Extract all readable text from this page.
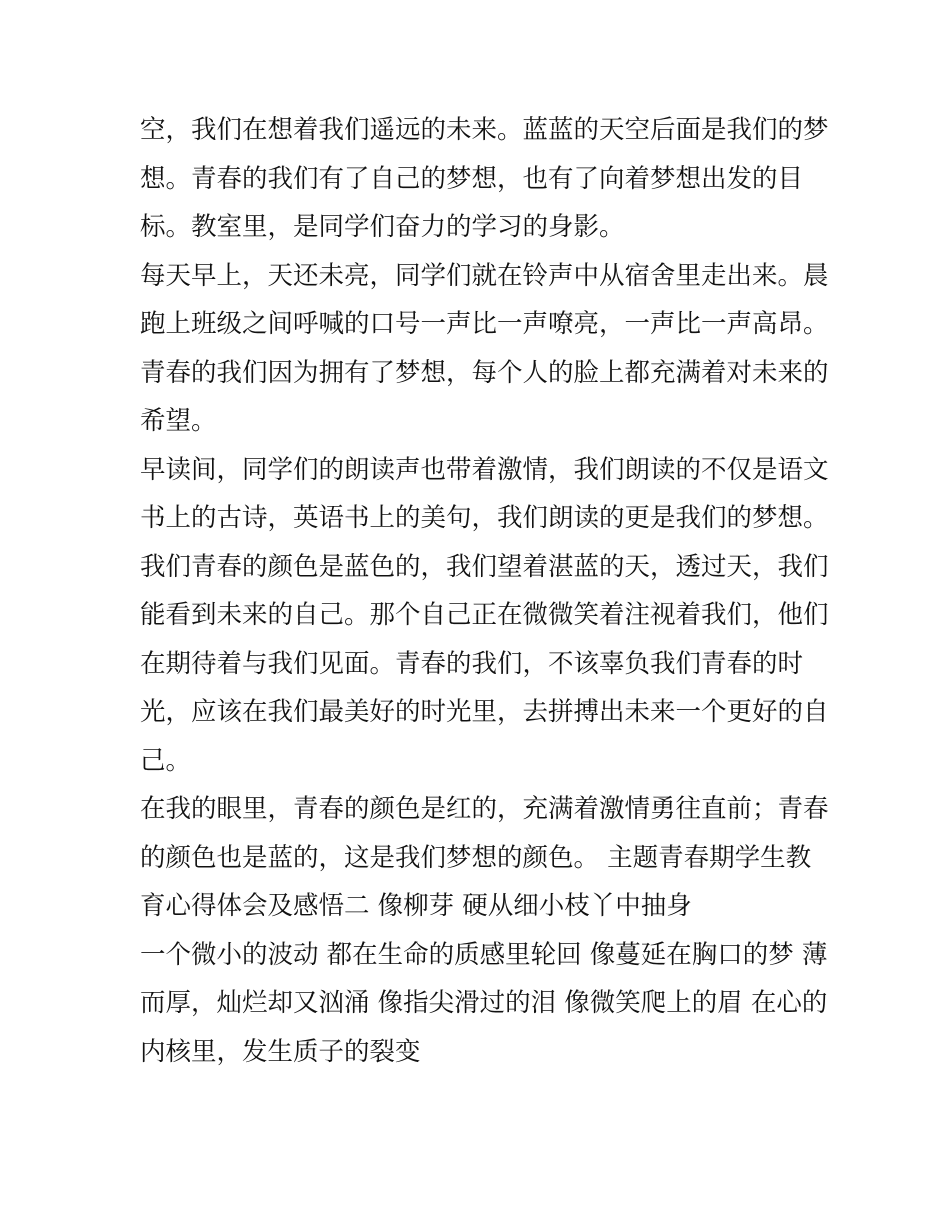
空，我们在想着我们遥远的未来。蓝蓝的天空后面是我们的梦
想。青春的我们有了自己的梦想，也有了向着梦想出发的目
标。教室里，是同学们奋力的学习的身影。
每天早上，天还未亮，同学们就在铃声中从宿舍里走出来。晨
跑上班级之间呼喊的口号一声比一声嘹亮，一声比一声高昂。
青春的我们因为拥有了梦想，每个人的脸上都充满着对未来的
希望。
早读间，同学们的朗读声也带着激情，我们朗读的不仅是语文
书上的古诗，英语书上的美句，我们朗读的更是我们的梦想。
我们青春的颜色是蓝色的，我们望着湛蓝的天，透过天，我们
能看到未来的自己。那个自己正在微微笑着注视着我们，他们
在期待着与我们见面。青春的我们，不该辜负我们青春的时
光，应该在我们最美好的时光里，去拼搏出未来一个更好的自
己。
在我的眼里，青春的颜色是红的，充满着激情勇往直前；青春
的颜色也是蓝的，这是我们梦想的颜色。 主题青春期学生教
育心得体会及感悟二 像柳芽 硬从细小枝丫中抽身
一个微小的波动 都在生命的质感里轮回 像蔓延在胸口的梦 薄
而厚，灿烂却又汹涌 像指尖滑过的泪 像微笑爬上的眉 在心的
内核里，发生质子的裂变
